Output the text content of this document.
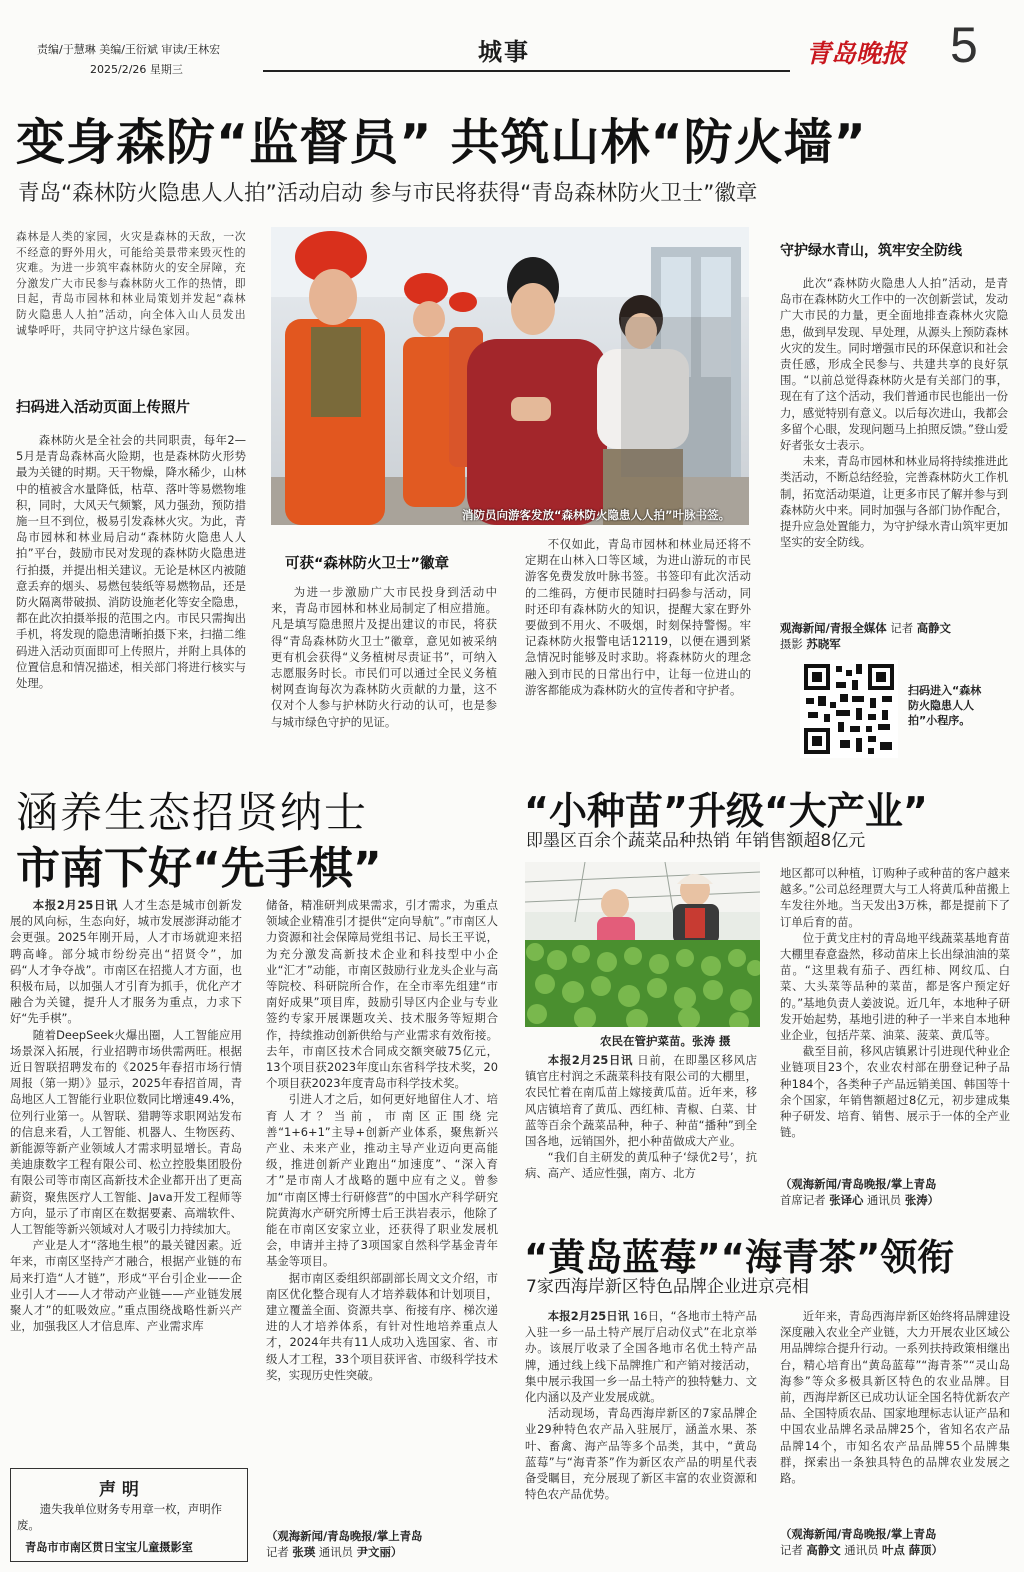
责编/于慧琳 美编/王衍斌 审读/王林宏
2025/2/26 星期三
城事	青岛晚报 5
变身森防“监督员” 共筑山林“防火墙”
青岛“森林防火隐患人人拍”活动启动 参与市民将获得“青岛森林防火卫士”徽章
森林是人类的家园，火灾是森林的天敌，一次不经意的野外用火，可能给美景带来毁灭性的灾难。为进一步筑牢森林防火的安全屏障，充分激发广大市民参与森林防火工作的热情，即日起，青岛市园林和林业局策划并发起“森林防火隐患人人拍”活动，向全体入山人员发出诚挚呼吁，共同守护这片绿色家园。
扫码进入活动页面上传照片

森林防火是全社会的共同职责，每年2—5月是青岛森林高火险期，也是森林防火形势最为关键的时期。天干物燥，降水稀少，山林中的植被含水量降低，枯草、落叶等易燃物堆积，同时，大风天气频繁，风力强劲，预防措施一旦不到位，极易引发森林火灾。为此，青岛市园林和林业局启动“森林防火隐患人人拍”平台，鼓励市民对发现的森林防火隐患进行拍摄，并提出相关建议。无论是林区内被随意丢弃的烟头、易燃包装纸等易燃物品，还是防火隔离带破损、消防设施老化等安全隐患，都在此次拍摄举报的范围之内。市民只需掏出手机，将发现的隐患清晰拍摄下来，扫描二维码进入活动页面即可上传照片，并附上具体的位置信息和情况描述，相关部门将进行核实与处理。

消防员向游客发放“森林防火隐患人人拍”叶脉书签。
可获“森林防火卫士”徽章

为进一步激励广大市民投身到活动中来，青岛市园林和林业局制定了相应措施。凡是填写隐患照片及提出建议的市民，将获得“青岛森林防火卫士”徽章，意见如被采纳更有机会获得“义务植树尽责证书”，可纳入志愿服务时长。市民们可以通过全民义务植树网查询每次为森林防火贡献的力量，这不仅对个人参与护林防火行动的认可，也是参与城市绿色守护的见证。

不仅如此，青岛市园林和林业局还将不定期在山林入口等区域，为进山游玩的市民游客免费发放叶脉书签。书签印有此次活动的二维码，方便市民随时扫码参与活动，同时还印有森林防火的知识，提醒大家在野外要做到不用火、不吸烟，时刻保持警惕。牢记森林防火报警电话12119，以便在遇到紧急情况时能够及时求助。将森林防火的理念融入到市民的日常出行中，让每一位进山的游客都能成为森林防火的宣传者和守护者。

守护绿水青山，筑牢安全防线

此次“森林防火隐患人人拍”活动，是青岛市在森林防火工作中的一次创新尝试，发动广大市民的力量，更全面地排查森林火灾隐患，做到早发现、早处理，从源头上预防森林火灾的发生。同时增强市民的环保意识和社会责任感，形成全民参与、共建共享的良好氛围。“以前总觉得森林防火是有关部门的事，现在有了这个活动，我们普通市民也能出一份力，感觉特别有意义。以后每次进山，我都会多留个心眼，发现问题马上拍照反馈。”登山爱好者张女士表示。

未来，青岛市园林和林业局将持续推进此类活动，不断总结经验，完善森林防火工作机制，拓宽活动渠道，让更多市民了解并参与到森林防火中来。同时加强与各部门协作配合，提升应急处置能力，为守护绿水青山筑牢更加坚实的安全防线。

观海新闻/青报全媒体 记者 高静文
摄影 苏晓军
扫码进入“森林防火隐患人人拍”小程序。
涵养生态招贤纳士
市南下好“先手棋”

本报2月25日讯 人才生态是城市创新发展的风向标，生态向好，城市发展澎湃动能才会更强。2025年刚开局，人才市场就迎来招聘高峰。部分城市纷纷亮出“招贤令”，加码“人才争夺战”。市南区在招揽人才方面，也积极布局，以加强人才引育为抓手，优化产才融合为关键，提升人才服务为重点，力求下好“先手棋”。

随着DeepSeek火爆出圈，人工智能应用场景深入拓展，行业招聘市场供需两旺。根据近日智联招聘发布的《2025年春招市场行情周报（第一期）》显示，2025年春招首周，青岛地区人工智能行业职位数同比增速49.4%，位列行业第一。从智联、猎聘等求职网站发布的信息来看，人工智能、机器人、生物医药、新能源等新产业领域人才需求明显增长。青岛美迪康数字工程有限公司、松立控股集团股份有限公司等市南区高新技术企业都开出了更高薪资，聚焦医疗人工智能、Java开发工程师等方向，显示了市南区在数据要素、高端软件、人工智能等新兴领域对人才吸引力持续加大。

产业是人才“落地生根”的最关键因素。近年来，市南区坚持产才融合，根据产业链的布局来打造“人才链”，形成“平台引企业——企业引人才——人才带动产业链——产业链发展聚人才”的虹吸效应。”重点围绕战略性新兴产业，加强我区人才信息库、产业需求库

储备，精准研判成果需求，引才需求，为重点领域企业精准引才提供“定向导航”。”市南区人力资源和社会保障局党组书记、局长王平说，为充分激发高新技术企业和科技型中小企业“汇才”动能，市南区鼓励行业龙头企业与高等院校、科研院所合作，在全市率先组建“市南好成果”项目库，鼓励引导区内企业与专业签约专家开展课题攻关、技术服务等短期合作，持续推动创新供给与产业需求有效衔接。去年，市南区技术合同成交额突破75亿元，13个项目获2023年度山东省科学技术奖，20个项目获2023年度青岛市科学技术奖。

引进人才之后，如何更好地留住人才、培育人才？当前，市南区正围绕完善“1+6+1”主导+创新产业体系，聚焦新兴产业、未来产业，推动主导产业迈向更高能级，推进创新产业跑出“加速度”、“深入育才”是市南人才战略的题中应有之义。曾参加“市南区博士行研修营”的中国水产科学研究院黄海水产研究所博士后王洪岩表示，他除了能在市南区安家立业，还获得了职业发展机会，申请并主持了3项国家自然科学基金青年基金等项目。

据市南区委组织部副部长周文文介绍，市南区优化整合现有人才培养载体和计划项目，建立覆盖全面、资源共享、衔接有序、梯次递进的人才培养体系，有针对性地培养重点人才，2024年共有11人成功入选国家、省、市级人才工程，33个项目获评省、市级科学技术奖，实现历史性突破。

（观海新闻/青岛晚报/掌上青岛
记者 张瑛 通讯员 尹文丽）
声 明
遗失我单位财务专用章一枚，声明作废。
青岛市市南区贯日宝宝儿童摄影室
“小种苗”升级“大产业”
即墨区百余个蔬菜品种热销 年销售额超8亿元
农民在管护菜苗。张涛 摄

本报2月25日讯 日前，在即墨区移风店镇官庄村润之禾蔬菜科技有限公司的大棚里，农民忙着在南瓜苗上嫁接黄瓜苗。近年来，移风店镇培育了黄瓜、西红柿、青椒、白菜、甘蓝等百余个蔬菜品种，种子、种苗“播种”到全国各地，远销国外，把小种苗做成大产业。

“我们自主研发的黄瓜种子‘绿优2号’，抗病、高产、适应性强，南方、北方

地区都可以种植，订购种子或种苗的客户越来越多。”公司总经理贾大与工人将黄瓜种苗搬上车发往外地。当天发出3万株，都是提前下了订单后育的苗。

位于黄戈庄村的青岛地平线蔬菜基地育苗大棚里春意盎然，移动苗床上长出绿油油的菜苗。“这里栽有茄子、西红柿、网纹瓜、白菜、大头菜等品种的菜苗，都是客户预定好的。”基地负责人姜波说。近几年，本地种子研发开始起势，基地引进的种子一半来自本地种业企业，包括芹菜、油菜、菠菜、黄瓜等。

截至目前，移风店镇累计引进现代种业企业链项目23个，农业农村部在册登记种子品种184个，各类种子产品远销美国、韩国等十余个国家，年销售额超过8亿元，初步建成集种子研发、培育、销售、展示于一体的全产业链。

（观海新闻/青岛晚报/掌上青岛
首席记者 张译心 通讯员 张涛）
“黄岛蓝莓”“海青茶”领衔
7家西海岸新区特色品牌企业进京亮相

本报2月25日讯 16日，“各地市土特产品入驻一乡一品土特产展厅启动仪式”在北京举办。该展厅收录了全国各地市名优土特产品牌，通过线上线下品牌推广和产销对接活动，集中展示我国一乡一品土特产的独特魅力、文化内涵以及产业发展成就。

活动现场，青岛西海岸新区的7家品牌企业29种特色农产品入驻展厅，涵盖水果、茶叶、畜禽、海产品等多个品类，其中，“黄岛蓝莓”与“海青茶”作为新区农产品的明星代表备受瞩目，充分展现了新区丰富的农业资源和特色农产品优势。

近年来，青岛西海岸新区始终将品牌建设深度融入农业全产业链，大力开展农业区域公用品牌综合提升行动。一系列扶持政策相继出台，精心培育出“黄岛蓝莓”“海青茶”“灵山岛海参”等众多极具新区特色的农业品牌。目前，西海岸新区已成功认证全国名特优新农产品、全国特质农品、国家地理标志认证产品和中国农业品牌名录品牌25个，省知名农产品品牌14个，市知名农产品品牌55个品牌集群，探索出一条独具特色的品牌农业发展之路。

（观海新闻/青岛晚报/掌上青岛
记者 高静文 通讯员 叶点 薛顶）
